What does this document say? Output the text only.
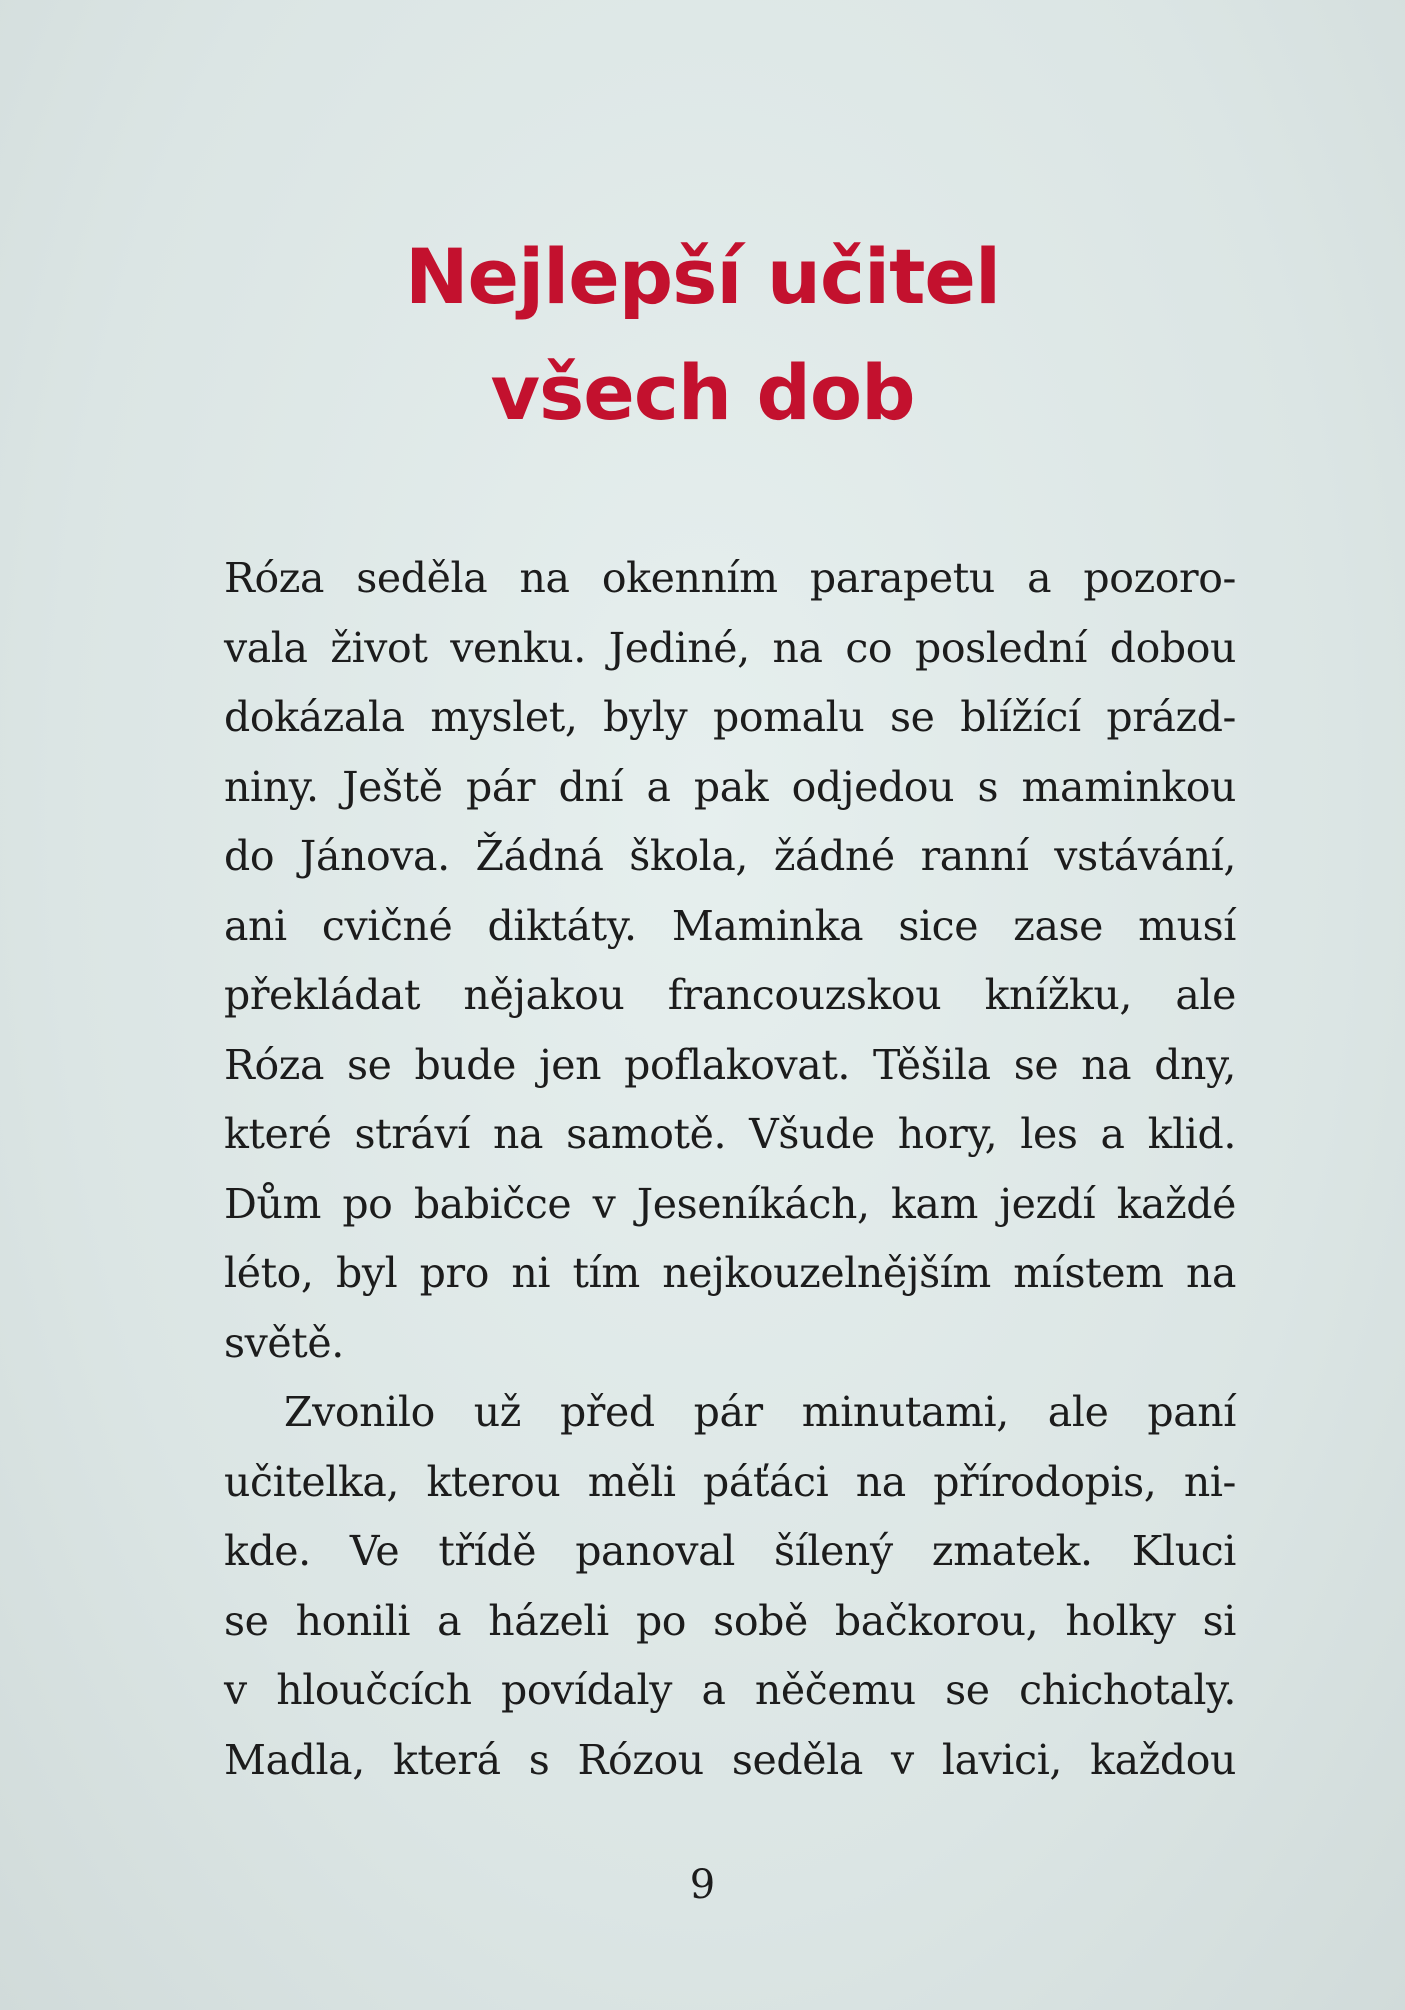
Nejlepší učitel
všech dob
Róza seděla na okenním parapetu a pozoro-
vala život venku. Jediné, na co poslední dobou
dokázala myslet, byly pomalu se blížící prázd-
niny. Ještě pár dní a pak odjedou s maminkou
do Jánova. Žádná škola, žádné ranní vstávání,
ani cvičné diktáty. Maminka sice zase musí
překládat nějakou francouzskou knížku, ale
Róza se bude jen poflakovat. Těšila se na dny,
které stráví na samotě. Všude hory, les a klid.
Dům po babičce v Jeseníkách, kam jezdí každé
léto, byl pro ni tím nejkouzelnějším místem na
světě.
Zvonilo už před pár minutami, ale paní
učitelka, kterou měli páťáci na přírodopis, ni-
kde. Ve třídě panoval šílený zmatek. Kluci
se honili a házeli po sobě bačkorou, holky si
v hloučcích povídaly a něčemu se chichotaly.
Madla, která s Rózou seděla v lavici, každou
9
